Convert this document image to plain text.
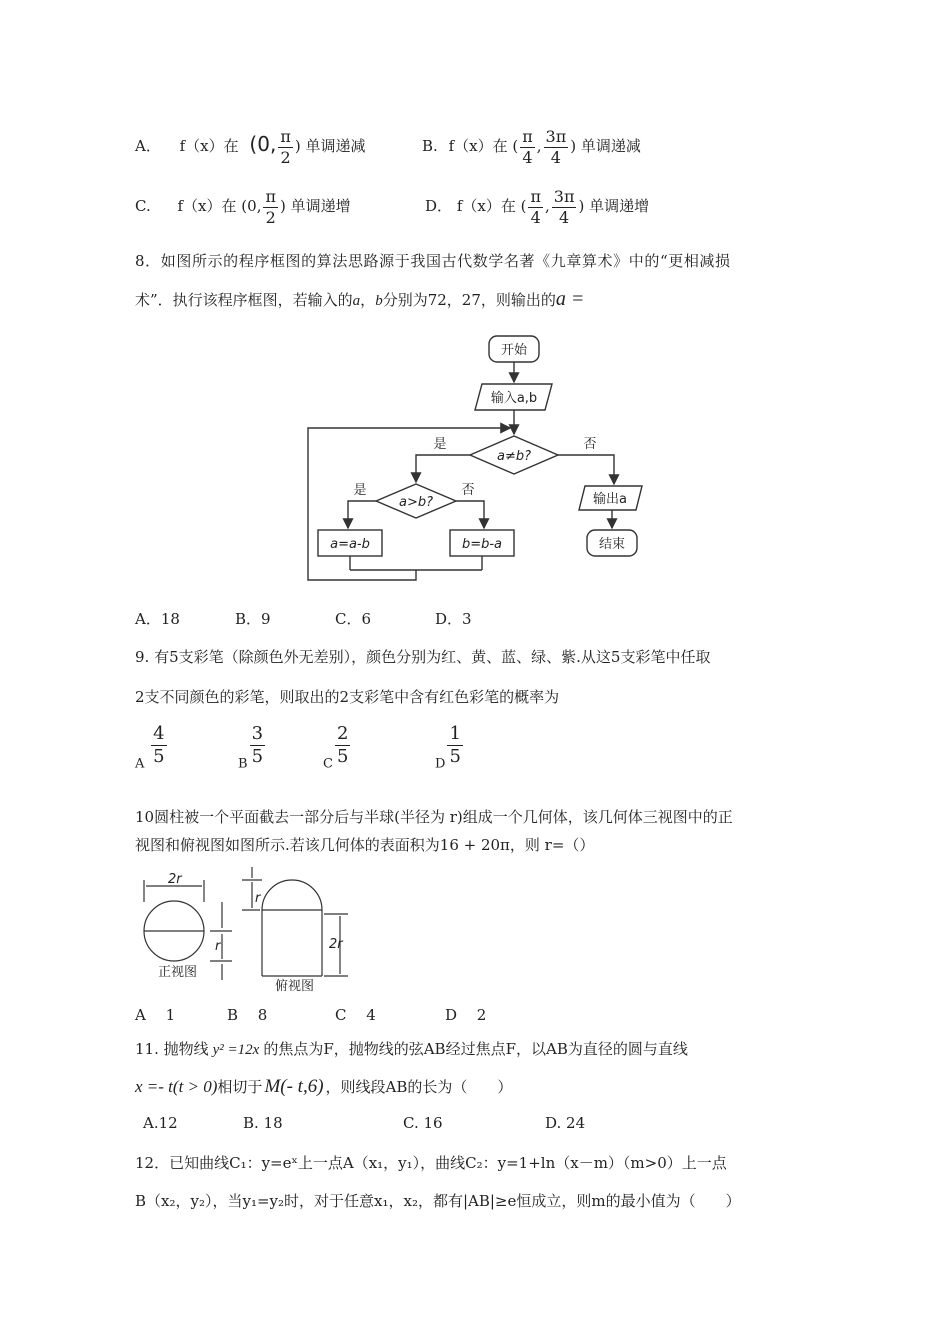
A． f（x）在 (0, $\frac{\pi}{2}$ ) 单调递减	B. f（x）在 ( $\frac{\pi}{4}$ , $\frac{3\pi}{4}$ ) 单调递减
C. f（x）在 (0, $\frac{\pi}{2}$ ) 单调递增	D． f（x）在 ( $\frac{\pi}{4}$ , $\frac{3\pi}{4}$ ) 单调递增
8．如图所示的程序框图的算法思路源于我国古代数学名著《九章算术》中的“更相减损
术”．执行该程序框图，若输入的a，b分别为72，27，则输出的a =
开始
输入a,b
a≠b?
是	否
a>b?
是	否
a=a-b	b=b-a
输出a
结束
A．18	B．9	C．6	D．3
9. 有5支彩笔（除颜色外无差别），颜色分别为红、黄、蓝、绿、紫.从这5支彩笔中任取
2支不同颜色的彩笔，则取出的2支彩笔中含有红色彩笔的概率为
A $\frac{4}{5}$	B $\frac{3}{5}$	C $\frac{2}{5}$	D $\frac{1}{5}$
10圆柱被一个平面截去一部分后与半球(半径为 r)组成一个几何体，该几何体三视图中的正
视图和俯视图如图所示.若该几何体的表面积为16 + 20π，则 r=（）
2r
r
r
2r
正视图
俯视图
A　 1	B　 8	C　 4	D　 2
11. 抛物线 y² =12x 的焦点为F，抛物线的弦AB经过焦点F，以AB为直径的圆与直线
x =- t(t > 0)相切于 M(- t,6) ，则线段AB的长为（　　）
A.12	B. 18	C. 16	D. 24
12．已知曲线C₁：y=eˣ上一点A（x₁，y₁），曲线C₂：y=1+ln（x－m）（m>0）上一点
B（x₂，y₂），当y₁=y₂时，对于任意x₁，x₂，都有|AB|≥e恒成立，则m的最小值为（　　）
